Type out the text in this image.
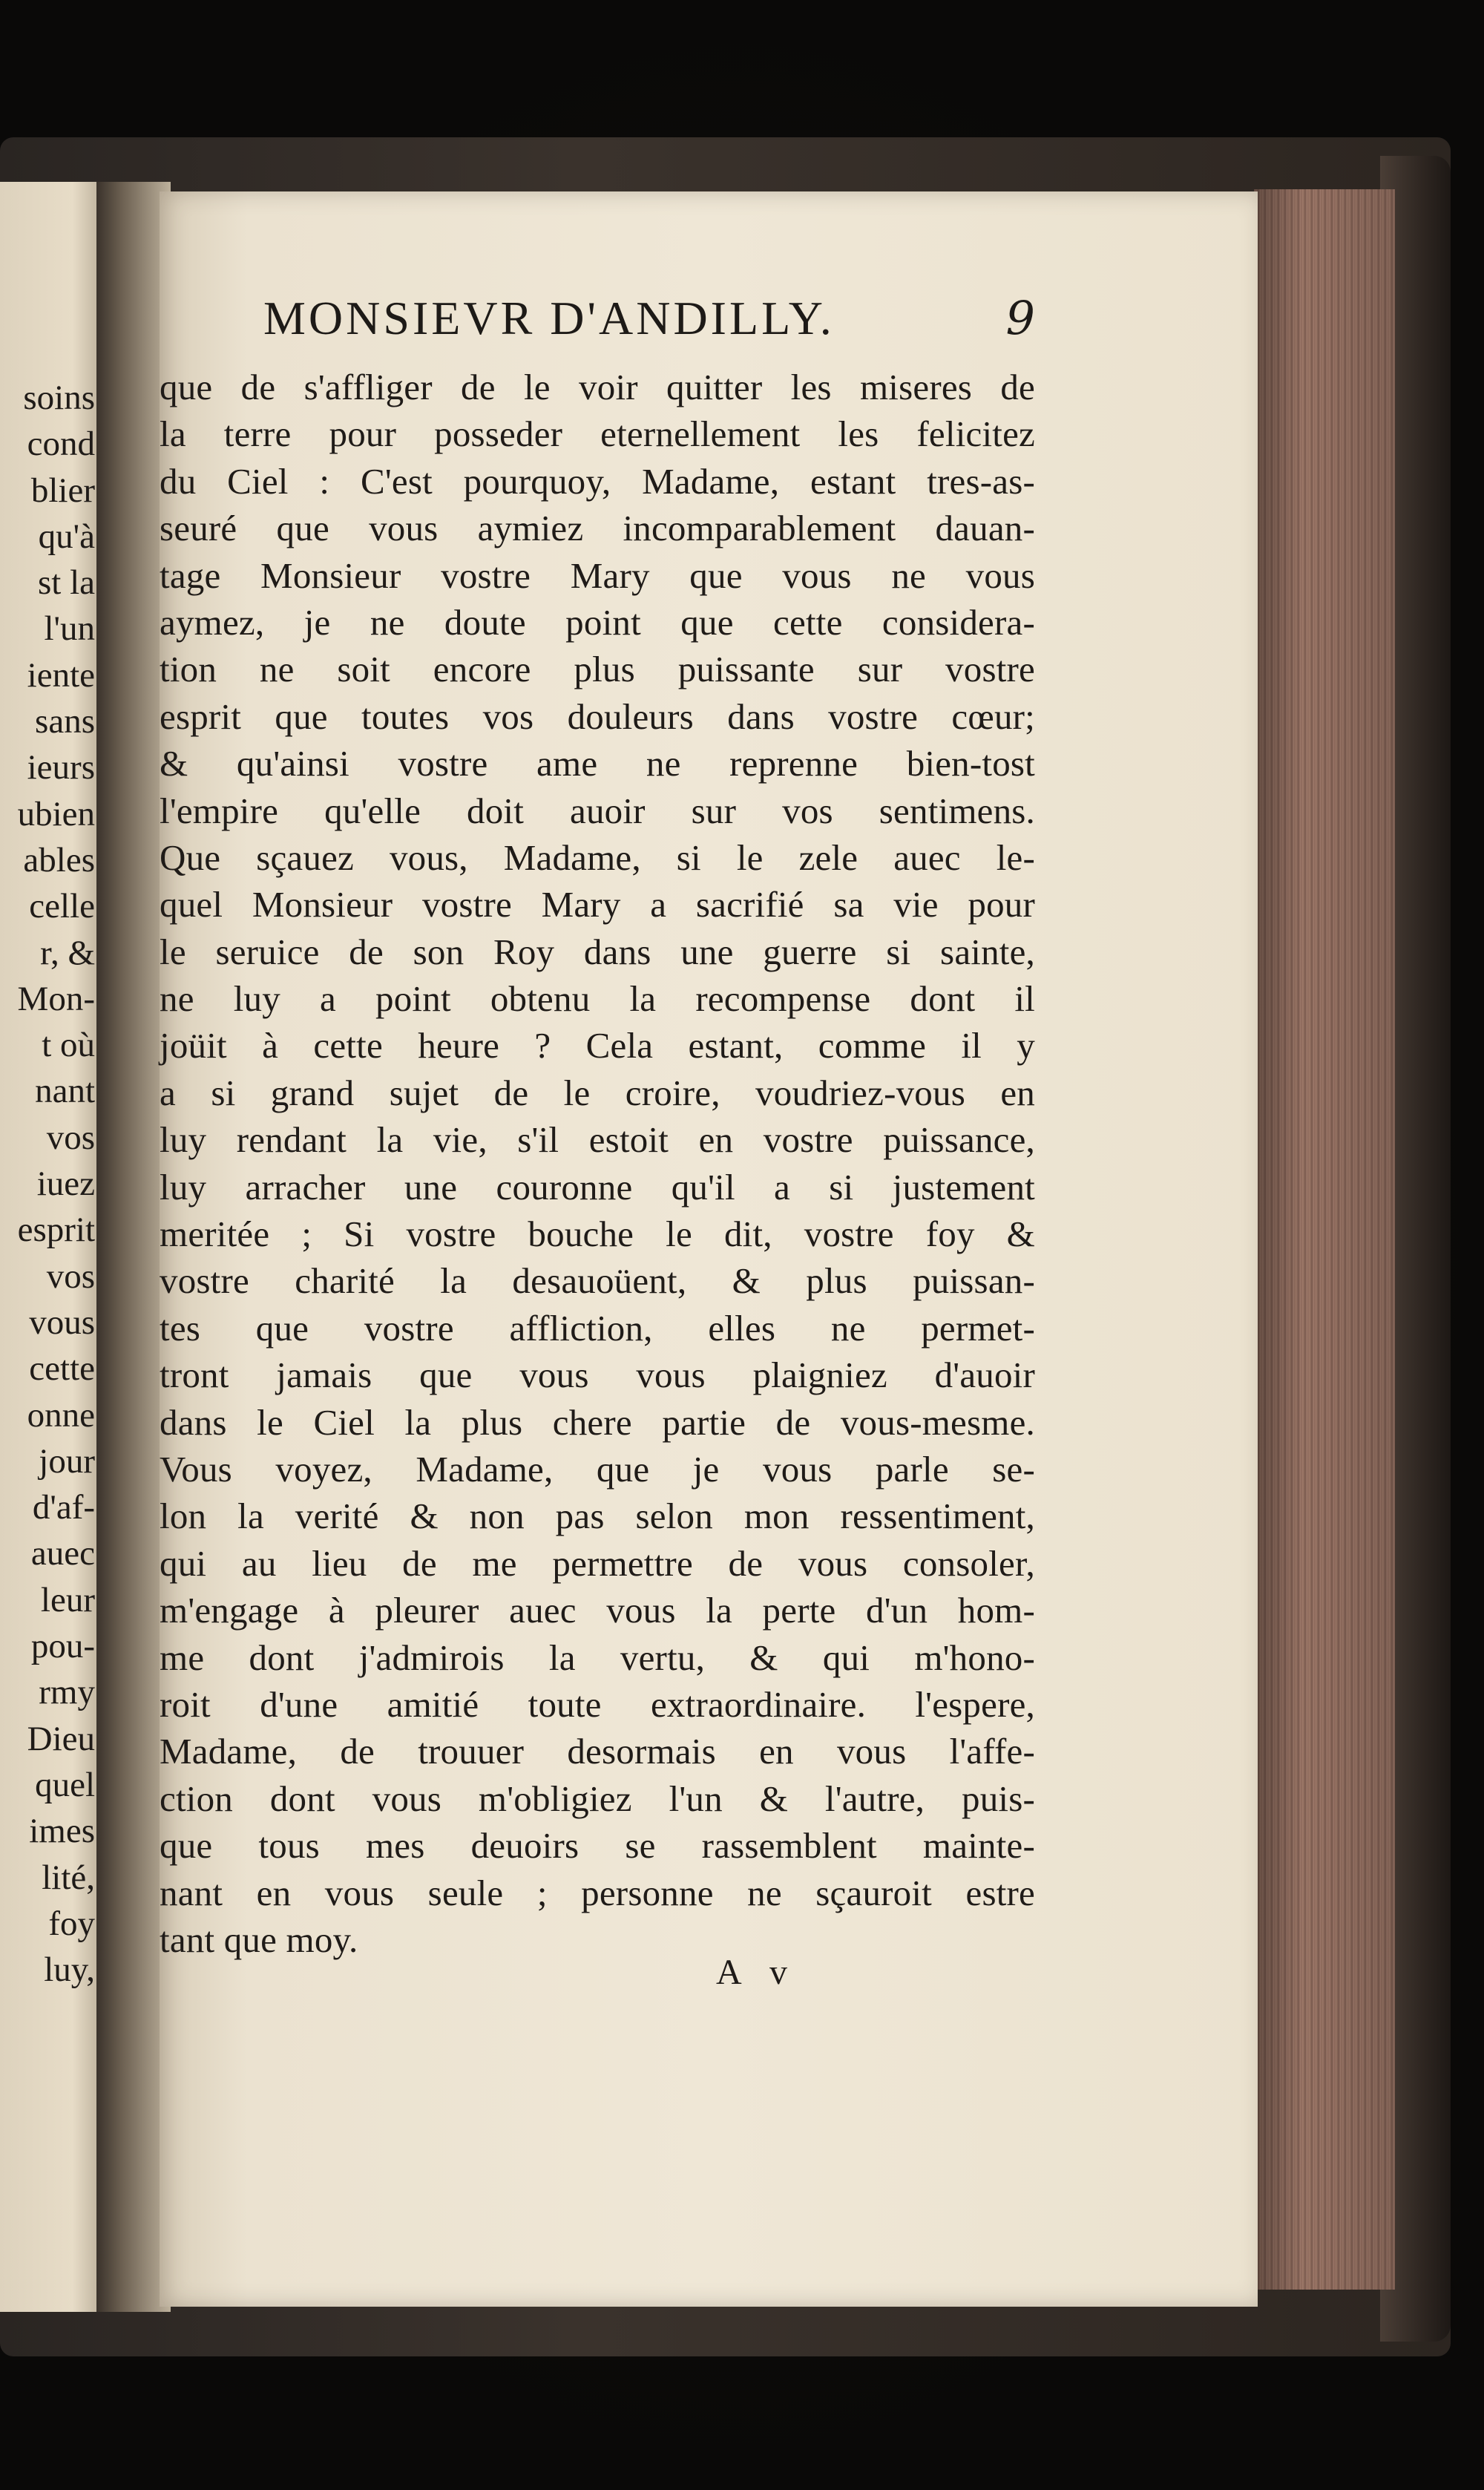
soins
cond
blier
qu'à
st la
l'un
iente
sans
ieurs
ubien
ables
celle
r, &
Mon-
t où
nant
vos
iuez
esprit
vos
vous
cette
onne
jour
d'af-
auec
leur
pou-
rmy
Dieu
quel
imes
lité,
foy
luy,
MONSIEVR D'ANDILLY.	9
que de s'affliger de le voir quitter les miseres de
la terre pour posseder eternellement les felicitez
du Ciel : C'est pourquoy, Madame, estant tres-as-
seuré que vous aymiez incomparablement dauan-
tage Monsieur vostre Mary que vous ne vous
aymez, je ne doute point que cette considera-
tion ne soit encore plus puissante sur vostre
esprit que toutes vos douleurs dans vostre cœur;
& qu'ainsi vostre ame ne reprenne bien-tost
l'empire qu'elle doit auoir sur vos sentimens.
Que sçauez vous, Madame, si le zele auec le-
quel Monsieur vostre Mary a sacrifié sa vie pour
le seruice de son Roy dans une guerre si sainte,
ne luy a point obtenu la recompense dont il
joüit à cette heure ? Cela estant, comme il y
a si grand sujet de le croire, voudriez-vous en
luy rendant la vie, s'il estoit en vostre puissance,
luy arracher une couronne qu'il a si justement
meritée ; Si vostre bouche le dit, vostre foy &
vostre charité la desauoüent, & plus puissan-
tes que vostre affliction, elles ne permet-
tront jamais que vous vous plaigniez d'auoir
dans le Ciel la plus chere partie de vous-mesme.
Vous voyez, Madame, que je vous parle se-
lon la verité & non pas selon mon ressentiment,
qui au lieu de me permettre de vous consoler,
m'engage à pleurer auec vous la perte d'un hom-
me dont j'admirois la vertu, & qui m'hono-
roit d'une amitié toute extraordinaire. l'espere,
Madame, de trouuer desormais en vous l'affe-
ction dont vous m'obligiez l'un & l'autre, puis-
que tous mes deuoirs se rassemblent mainte-
nant en vous seule ; personne ne sçauroit estre
tant que moy.
A v
